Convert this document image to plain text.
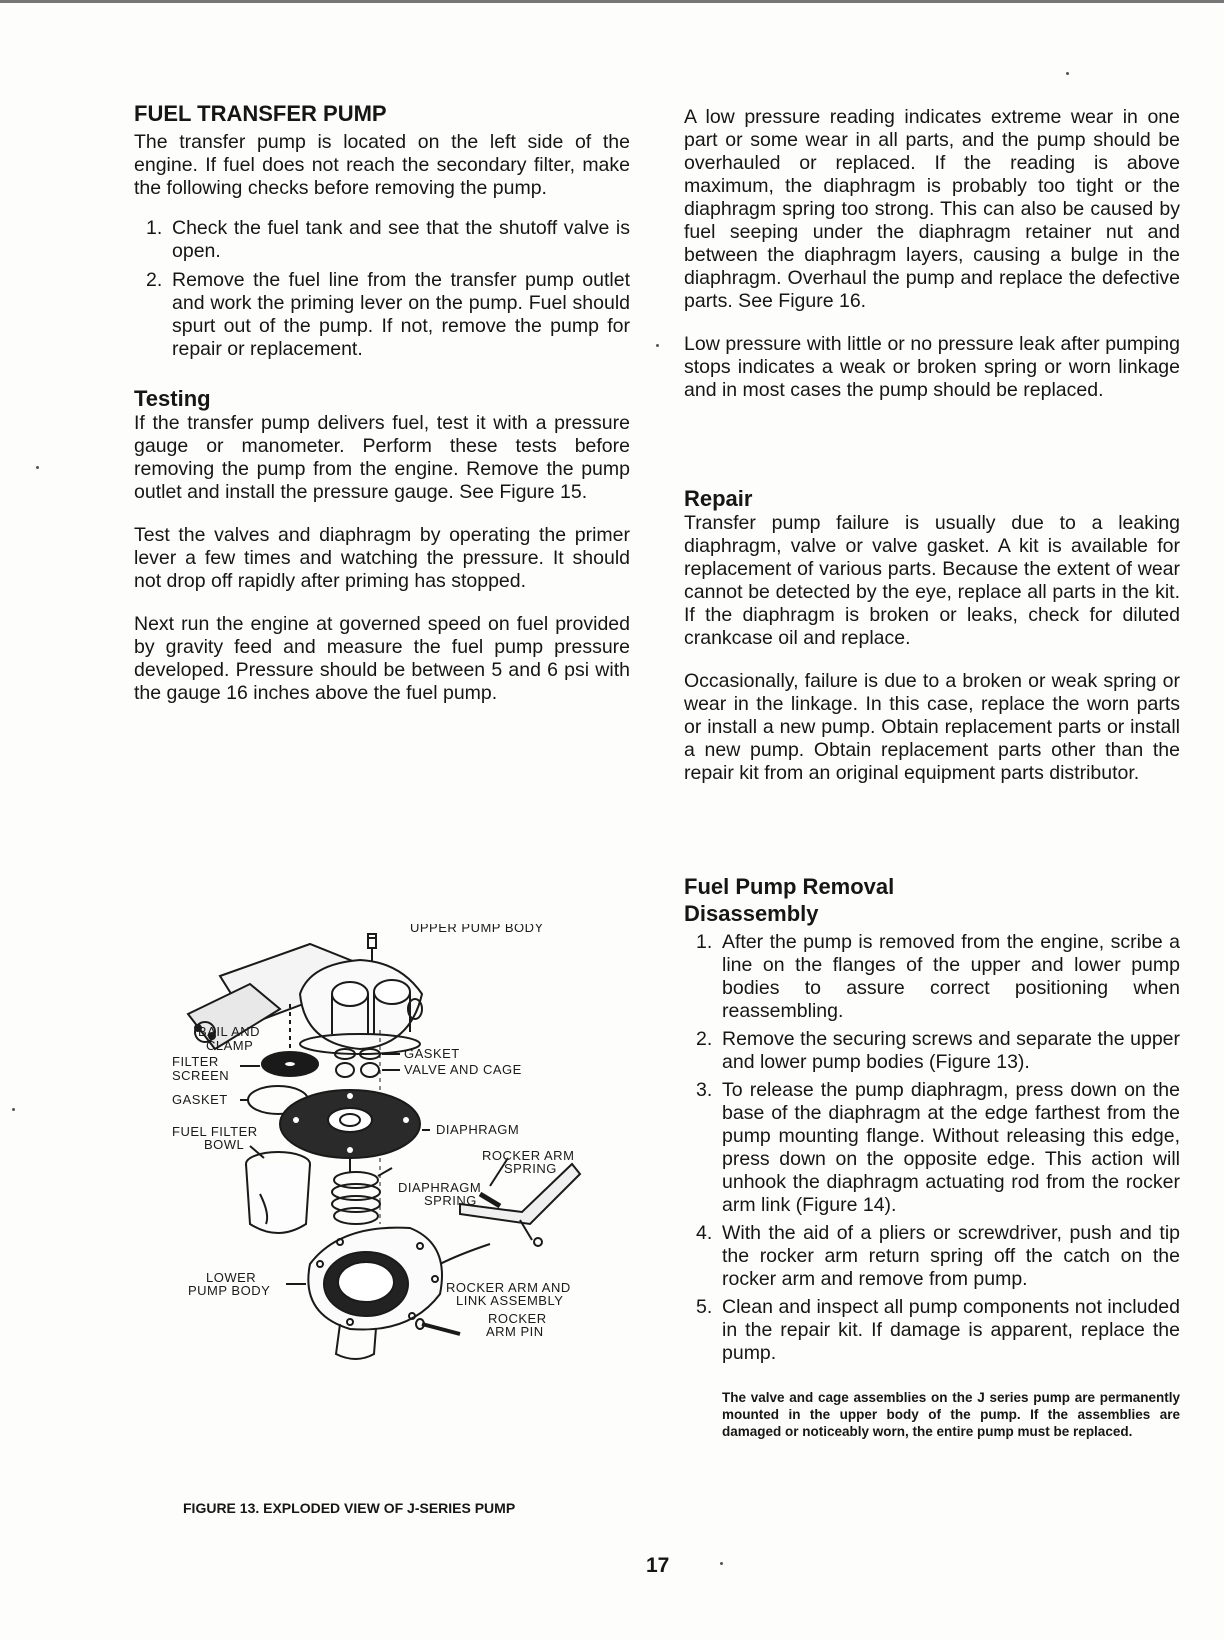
FUEL TRANSFER PUMP

The transfer pump is located on the left side of the engine. If fuel does not reach the secondary filter, make the following checks before removing the pump.

1. Check the fuel tank and see that the shutoff valve is open.
2. Remove the fuel line from the transfer pump outlet and work the priming lever on the pump. Fuel should spurt out of the pump. If not, remove the pump for repair or replacement.
Testing

If the transfer pump delivers fuel, test it with a pressure gauge or manometer. Perform these tests before removing the pump from the engine. Remove the pump outlet and install the pressure gauge. See Figure 15.

Test the valves and diaphragm by operating the primer lever a few times and watching the pressure. It should not drop off rapidly after priming has stopped.

Next run the engine at governed speed on fuel provided by gravity feed and measure the fuel pump pressure developed. Pressure should be between 5 and 6 psi with the gauge 16 inches above the fuel pump.

A low pressure reading indicates extreme wear in one part or some wear in all parts, and the pump should be overhauled or replaced. If the reading is above maximum, the diaphragm is probably too tight or the diaphragm spring too strong. This can also be caused by fuel seeping under the diaphragm retainer nut and between the diaphragm layers, causing a bulge in the diaphragm. Overhaul the pump and replace the defective parts. See Figure 16.

Low pressure with little or no pressure leak after pumping stops indicates a weak or broken spring or worn linkage and in most cases the pump should be replaced.

Repair

Transfer pump failure is usually due to a leaking diaphragm, valve or valve gasket. A kit is available for replacement of various parts. Because the extent of wear cannot be detected by the eye, replace all parts in the kit. If the diaphragm is broken or leaks, check for diluted crankcase oil and replace.

Occasionally, failure is due to a broken or weak spring or wear in the linkage. In this case, replace the worn parts or install a new pump. Obtain replacement parts or install a new pump. Obtain replacement parts other than the repair kit from an original equipment parts distributor.

Fuel Pump Removal
Disassembly
1. After the pump is removed from the engine, scribe a line on the flanges of the upper and lower pump bodies to assure correct positioning when reassembling.
2. Remove the securing screws and separate the upper and lower pump bodies (Figure 13).
3. To release the pump diaphragm, press down on the base of the diaphragm at the edge farthest from the pump mounting flange. Without releasing this edge, press down on the opposite edge. This action will unhook the diaphragm actuating rod from the rocker arm link (Figure 14).
4. With the aid of a pliers or screwdriver, push and tip the rocker arm return spring off the catch on the rocker arm and remove from pump.
5. Clean and inspect all pump components not included in the repair kit. If damage is apparent, replace the pump.

The valve and cage assemblies on the J series pump are permanently mounted in the upper body of the pump. If the assemblies are damaged or noticeably worn, the entire pump must be replaced.

UPPER PUMP BODY
BAIL AND
CLAMP
GASKET
FILTER
SCREEN	VALVE AND CAGE
GASKET
FUEL FILTER
BOWL
DIAPHRAGM
ROCKER ARM
SPRING
DIAPHRAGM
SPRING
LOWER
PUMP BODY	ROCKER ARM AND
LINK ASSEMBLY
ROCKER
ARM PIN
FIGURE 13. EXPLODED VIEW OF J-SERIES PUMP
17
